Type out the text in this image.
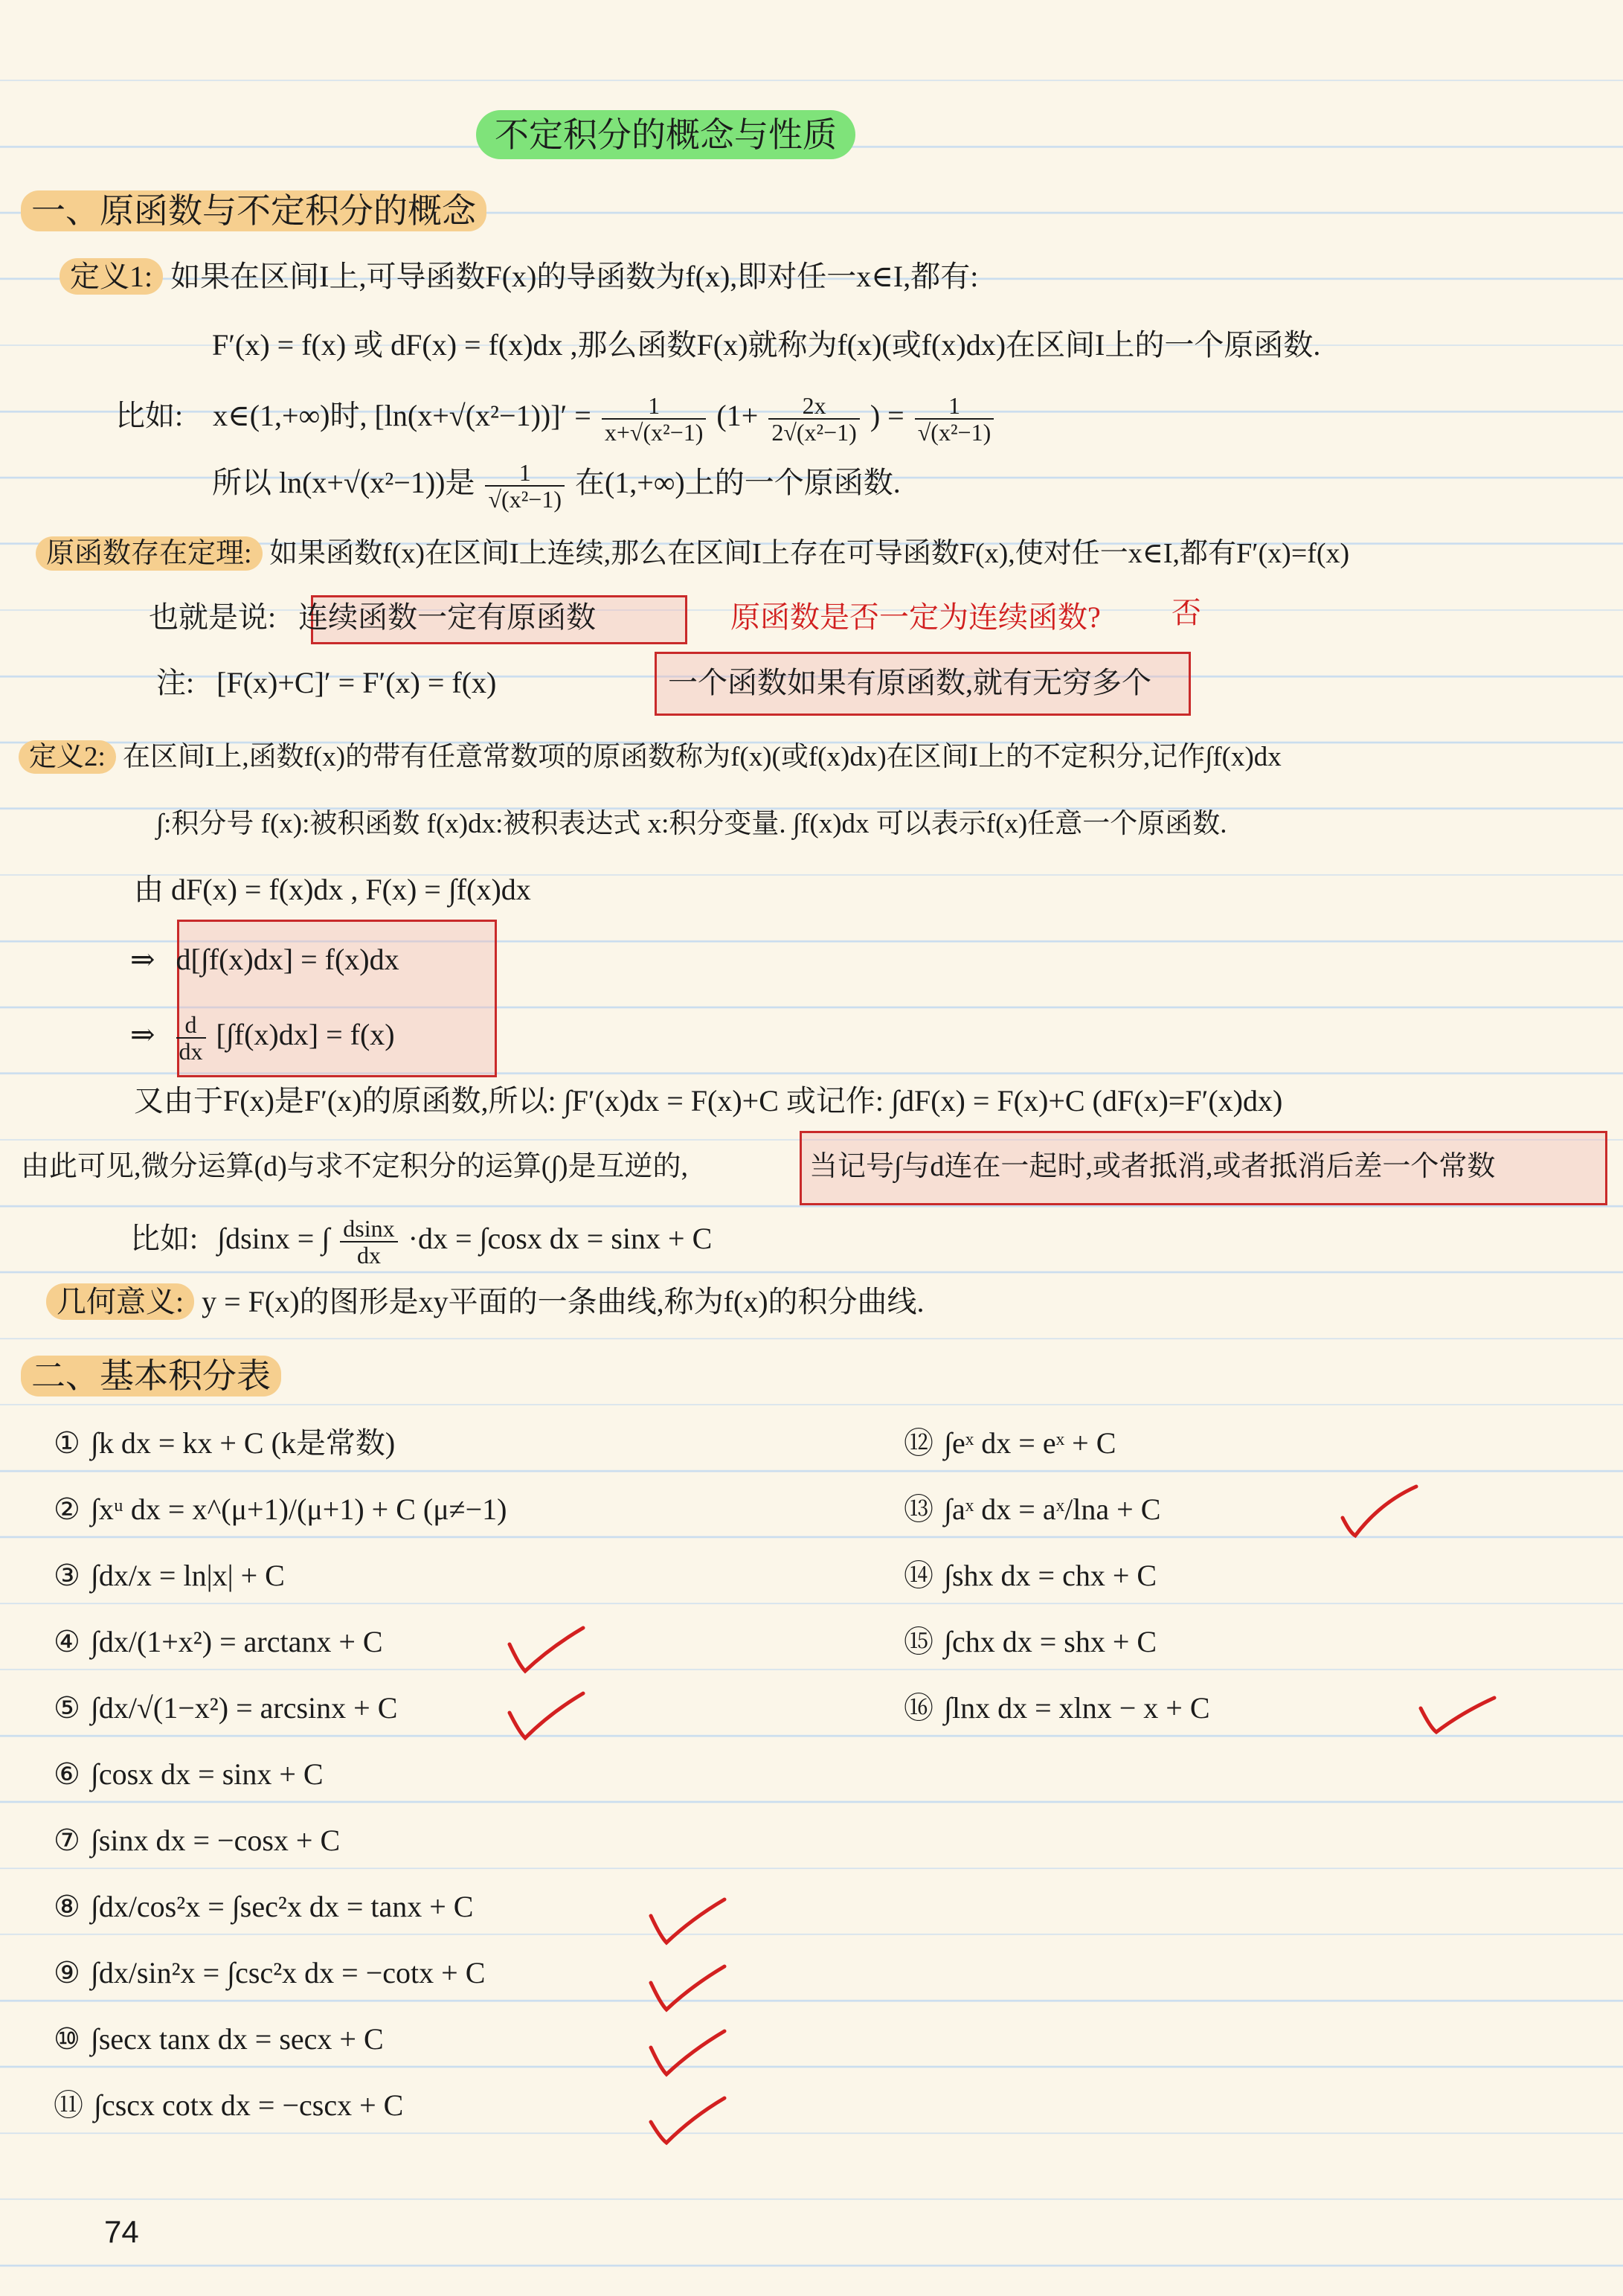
不定积分的概念与性质
一、原函数与不定积分的概念
定义1: 如果在区间I上,可导函数F(x)的导函数为f(x),即对任一x∈I,都有:
F′(x) = f(x) 或 dF(x) = f(x)dx ,那么函数F(x)就称为f(x)(或f(x)dx)在区间I上的一个原函数.
比如: x∈(1,+∞)时, $[\ln(x+√(x^2-1))]' = \frac{1}{\text{x+√(x²−1)}} (1+ \frac{2x}{\text{2√(x²−1)}}$ ) = $\frac{1}{\text{√(x²−1)}}$
所以 ln(x+√(x²−1))是 $\frac{1}{\text{√(x²−1)}}$ 在(1,+∞)上的一个原函数.
原函数存在定理: 如果函数f(x)在区间I上连续,那么在区间I上存在可导函数F(x),使对任一x∈I,都有F′(x)=f(x)
也就是说: 连续函数一定有原函数	原函数是否一定为连续函数? 否
注: [F(x)+C]′ = F′(x) = f(x)	一个函数如果有原函数,就有无穷多个
定义2: 在区间I上,函数f(x)的带有任意常数项的原函数称为f(x)(或f(x)dx)在区间I上的不定积分,记作∫f(x)dx
∫:积分号 f(x):被积函数 f(x)dx:被积表达式 x:积分变量. ∫f(x)dx 可以表示f(x)任意一个原函数.
由 dF(x) = f(x)dx , F(x) = ∫f(x)dx
⇒ d[∫f(x)dx] = f(x)dx
⇒ $\frac{d}{dx} [\int f(x)dx] = f(x)$
又由于F(x)是F′(x)的原函数,所以: ∫F′(x)dx = F(x)+C 或记作: ∫dF(x) = F(x)+C (dF(x)=F′(x)dx)
由此可见,微分运算(d)与求不定积分的运算(∫)是互逆的,	当记号∫与d连在一起时,或者抵消,或者抵消后差一个常数
比如: ∫dsinx = ∫ $\frac{dsinx}{dx} \cdot dx = \int\cos x$ dx = sinx + C
几何意义: y = F(x)的图形是xy平面的一条曲线,称为f(x)的积分曲线.
二、基本积分表
① ∫k dx = kx + C (k是常数)
② ∫xᵘ dx = x^(μ+1)/(μ+1) + C (μ≠−1)
③ ∫dx/x = ln|x| + C
④ ∫dx/(1+x²) = arctanx + C
⑤ ∫dx/√(1−x²) = arcsinx + C
⑥ ∫cosx dx = sinx + C
⑦ ∫sinx dx = −cosx + C
⑧ ∫dx/cos²x = ∫sec²x dx = tanx + C
⑨ ∫dx/sin²x = ∫csc²x dx = −cotx + C
⑩ ∫secx tanx dx = secx + C
⑪ ∫cscx cotx dx = −cscx + C
⑫ ∫eˣ dx = eˣ + C
⑬ ∫aˣ dx = aˣ/lna + C
⑭ ∫shx dx = chx + C
⑮ ∫chx dx = shx + C
⑯ ∫lnx dx = xlnx − x + C
74
